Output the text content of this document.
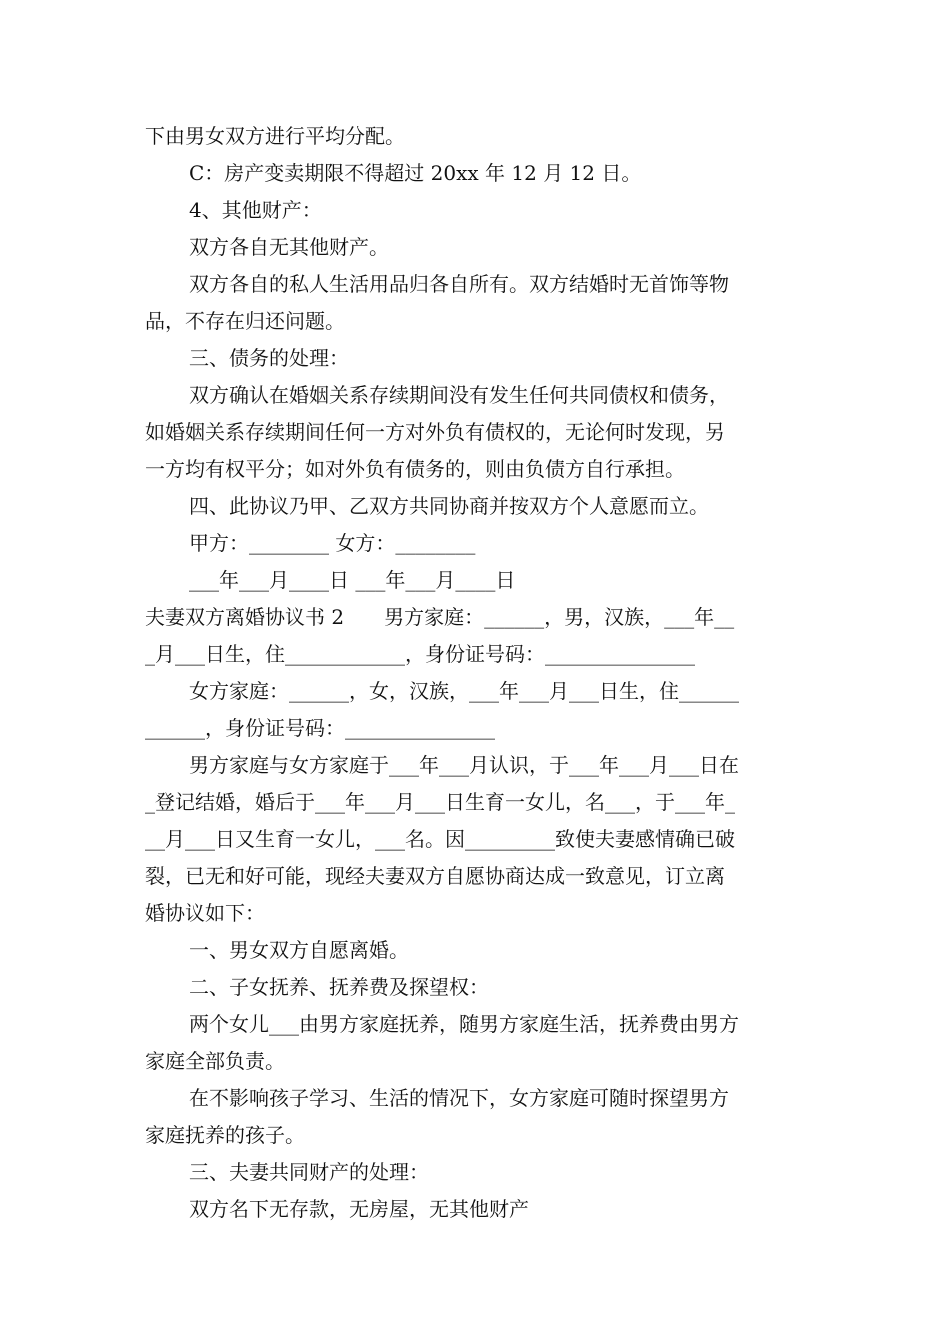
下由男女双方进行平均分配。
C：房产变卖期限不得超过 20xx 年 12 月 12 日。
4、其他财产：
双方各自无其他财产。
双方各自的私人生活用品归各自所有。双方结婚时无首饰等物
品，不存在归还问题。
三、债务的处理：
双方确认在婚姻关系存续期间没有发生任何共同债权和债务，
如婚姻关系存续期间任何一方对外负有债权的，无论何时发现，另
一方均有权平分；如对外负有债务的，则由负债方自行承担。
四、此协议乃甲、乙双方共同协商并按双方个人意愿而立。
甲方：________ 女方：________
___年___月____日 ___年___月____日
夫妻双方离婚协议书 2　　男方家庭：______，男，汉族，___年__
_月___日生，住____________，身份证号码：_______________
女方家庭：______，女，汉族，___年___月___日生，住______
______，身份证号码：_______________
男方家庭与女方家庭于___年___月认识，于___年___月___日在
_登记结婚，婚后于___年___月___日生育一女儿，名___，于___年_
__月___日又生育一女儿，___名。因_________致使夫妻感情确已破
裂，已无和好可能，现经夫妻双方自愿协商达成一致意见，订立离
婚协议如下：
一、男女双方自愿离婚。
二、子女抚养、抚养费及探望权：
两个女儿___由男方家庭抚养，随男方家庭生活，抚养费由男方
家庭全部负责。
在不影响孩子学习、生活的情况下，女方家庭可随时探望男方
家庭抚养的孩子。
三、夫妻共同财产的处理：
双方名下无存款，无房屋，无其他财产
